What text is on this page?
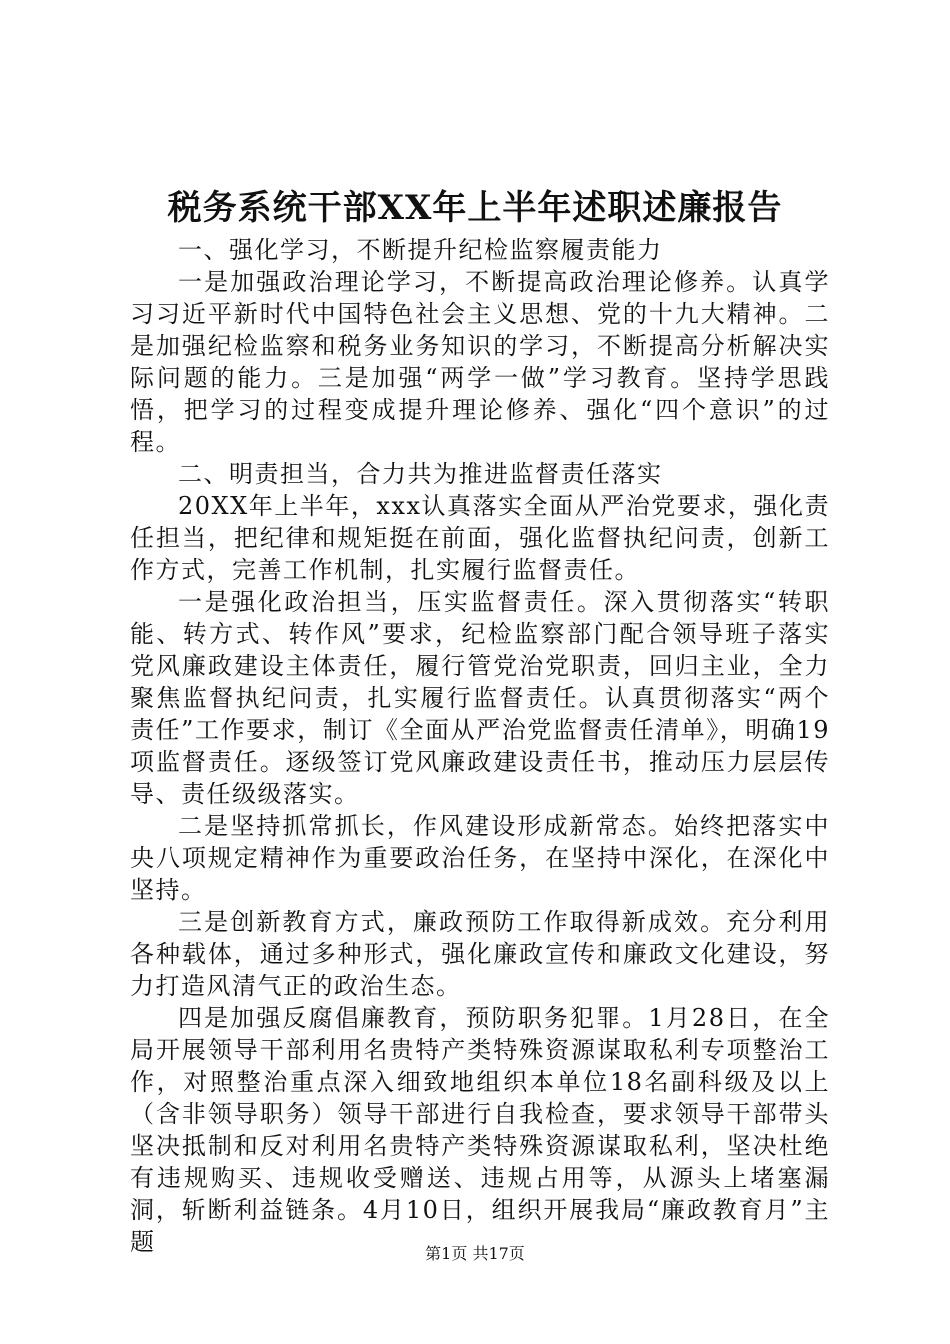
税务系统干部XX年上半年述职述廉报告

一、强化学习，不断提升纪检监察履责能力

一是加强政治理论学习，不断提高政治理论修养。认真学习习近平新时代中国特色社会主义思想、党的十九大精神。二是加强纪检监察和税务业务知识的学习，不断提高分析解决实际问题的能力。三是加强“两学一做”学习教育。坚持学思践悟，把学习的过程变成提升理论修养、强化“四个意识”的过程。

二、明责担当，合力共为推进监督责任落实

20XX年上半年，xxx认真落实全面从严治党要求，强化责任担当，把纪律和规矩挺在前面，强化监督执纪问责，创新工作方式，完善工作机制，扎实履行监督责任。

一是强化政治担当，压实监督责任。深入贯彻落实“转职能、转方式、转作风”要求，纪检监察部门配合领导班子落实党风廉政建设主体责任，履行管党治党职责，回归主业，全力聚焦监督执纪问责，扎实履行监督责任。认真贯彻落实“两个责任”工作要求，制订《全面从严治党监督责任清单》，明确19项监督责任。逐级签订党风廉政建设责任书，推动压力层层传导、责任级级落实。

二是坚持抓常抓长，作风建设形成新常态。始终把落实中央八项规定精神作为重要政治任务，在坚持中深化，在深化中坚持。

三是创新教育方式，廉政预防工作取得新成效。充分利用各种载体，通过多种形式，强化廉政宣传和廉政文化建设，努力打造风清气正的政治生态。

四是加强反腐倡廉教育，预防职务犯罪。1月28日，在全局开展领导干部利用名贵特产类特殊资源谋取私利专项整治工作，对照整治重点深入细致地组织本单位18名副科级及以上（含非领导职务）领导干部进行自我检查，要求领导干部带头坚决抵制和反对利用名贵特产类特殊资源谋取私利，坚决杜绝有违规购买、违规收受赠送、违规占用等，从源头上堵塞漏洞，斩断利益链条。4月10日，组织开展我局“廉政教育月”主题	第1页 共17页
